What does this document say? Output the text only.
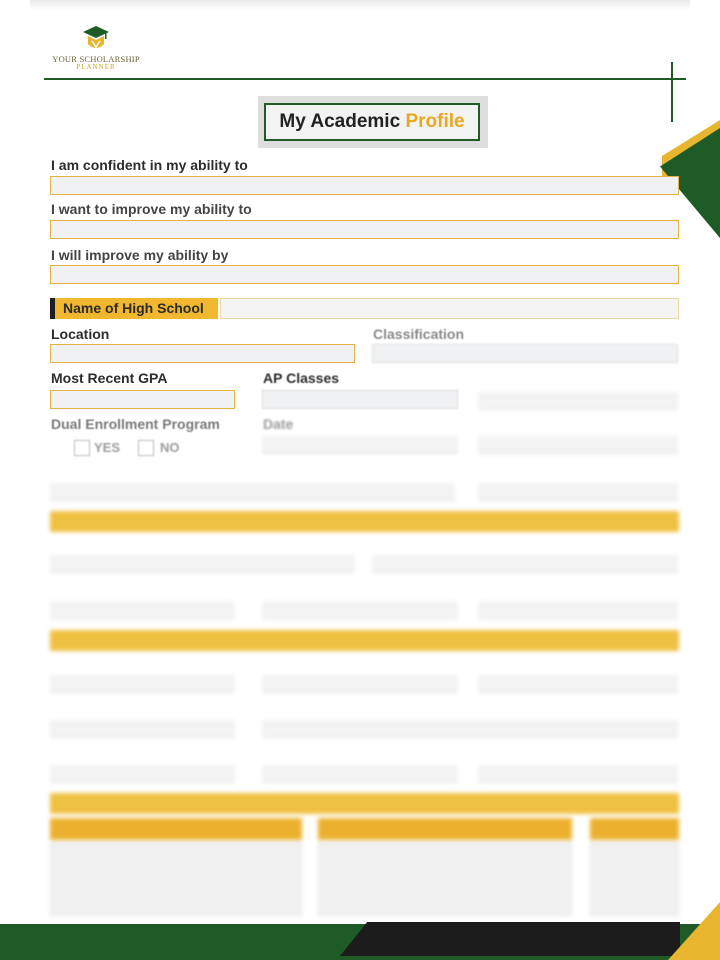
YOUR SCHOLARSHIP
PLANNER
My Academic Profile
I am confident in my ability to
I want to improve my ability to
I will improve my ability by
Name of High School
Location	Classification
Most Recent GPA	AP Classes
Dual Enrollment Program	Date
YES	NO
